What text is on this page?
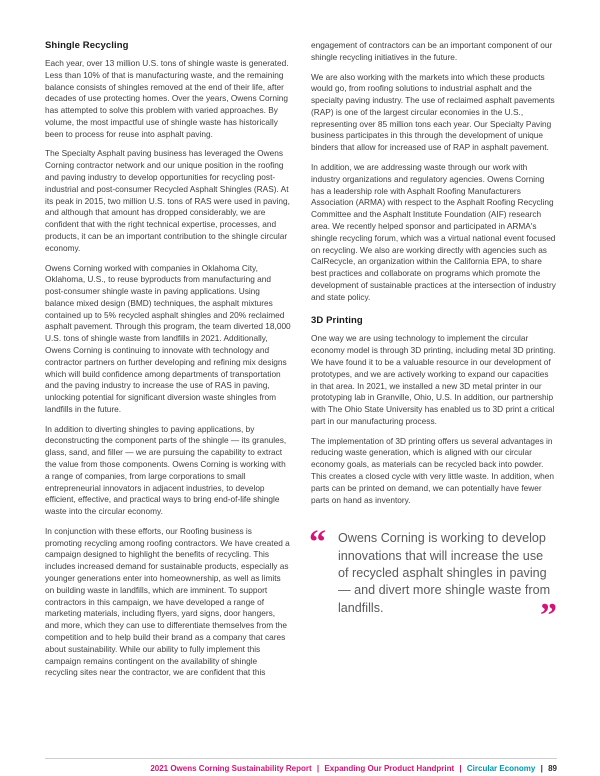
Shingle Recycling

Each year, over 13 million U.S. tons of shingle waste is generated. Less than 10% of that is manufacturing waste, and the remaining balance consists of shingles removed at the end of their life, after decades of use protecting homes. Over the years, Owens Corning has attempted to solve this problem with varied approaches. By volume, the most impactful use of shingle waste has historically been to process for reuse into asphalt paving.

The Specialty Asphalt paving business has leveraged the Owens Corning contractor network and our unique position in the roofing and paving industry to develop opportunities for recycling post-industrial and post-consumer Recycled Asphalt Shingles (RAS). At its peak in 2015, two million U.S. tons of RAS were used in paving, and although that amount has dropped considerably, we are confident that with the right technical expertise, processes, and products, it can be an important contribution to the shingle circular economy.

Owens Corning worked with companies in Oklahoma City, Oklahoma, U.S., to reuse byproducts from manufacturing and post-consumer shingle waste in paving applications. Using balance mixed design (BMD) techniques, the asphalt mixtures contained up to 5% recycled asphalt shingles and 20% reclaimed asphalt pavement. Through this program, the team diverted 18,000 U.S. tons of shingle waste from landfills in 2021. Additionally, Owens Corning is continuing to innovate with technology and contractor partners on further developing and refining mix designs which will build confidence among departments of transportation and the paving industry to increase the use of RAS in paving, unlocking potential for significant diversion waste shingles from landfills in the future.

In addition to diverting shingles to paving applications, by deconstructing the component parts of the shingle — its granules, glass, sand, and filler — we are pursuing the capability to extract the value from those components. Owens Corning is working with a range of companies, from large corporations to small entrepreneurial innovators in adjacent industries, to develop efficient, effective, and practical ways to bring end-of-life shingle waste into the circular economy.

In conjunction with these efforts, our Roofing business is promoting recycling among roofing contractors. We have created a campaign designed to highlight the benefits of recycling. This includes increased demand for sustainable products, especially as younger generations enter into homeownership, as well as limits on building waste in landfills, which are imminent. To support contractors in this campaign, we have developed a range of marketing materials, including flyers, yard signs, door hangers, and more, which they can use to differentiate themselves from the competition and to help build their brand as a company that cares about sustainability. While our ability to fully implement this campaign remains contingent on the availability of shingle recycling sites near the contractor, we are confident that this

engagement of contractors can be an important component of our shingle recycling initiatives in the future.

We are also working with the markets into which these products would go, from roofing solutions to industrial asphalt and the specialty paving industry. The use of reclaimed asphalt pavements (RAP) is one of the largest circular economies in the U.S., representing over 85 million tons each year. Our Specialty Paving business participates in this through the development of unique binders that allow for increased use of RAP in asphalt pavement.

In addition, we are addressing waste through our work with industry organizations and regulatory agencies. Owens Corning has a leadership role with Asphalt Roofing Manufacturers Association (ARMA) with respect to the Asphalt Roofing Recycling Committee and the Asphalt Institute Foundation (AIF) research area. We recently helped sponsor and participated in ARMA's shingle recycling forum, which was a virtual national event focused on recycling. We also are working directly with agencies such as CalRecycle, an organization within the California EPA, to share best practices and collaborate on programs which promote the development of sustainable practices at the intersection of industry and state policy.

3D Printing

One way we are using technology to implement the circular economy model is through 3D printing, including metal 3D printing. We have found it to be a valuable resource in our development of prototypes, and we are actively working to expand our capacities in that area. In 2021, we installed a new 3D metal printer in our prototyping lab in Granville, Ohio, U.S. In addition, our partnership with The Ohio State University has enabled us to 3D print a critical part in our manufacturing process.

The implementation of 3D printing offers us several advantages in reducing waste generation, which is aligned with our circular economy goals, as materials can be recycled back into powder. This creates a closed cycle with very little waste. In addition, when parts can be printed on demand, we can potentially have fewer parts on hand as inventory.

“ Owens Corning is working to develop innovations that will increase the use of recycled asphalt shingles in paving — and divert more shingle waste from landfills.	”
2021 Owens Corning Sustainability Report | Expanding Our Product Handprint | Circular Economy | 89
